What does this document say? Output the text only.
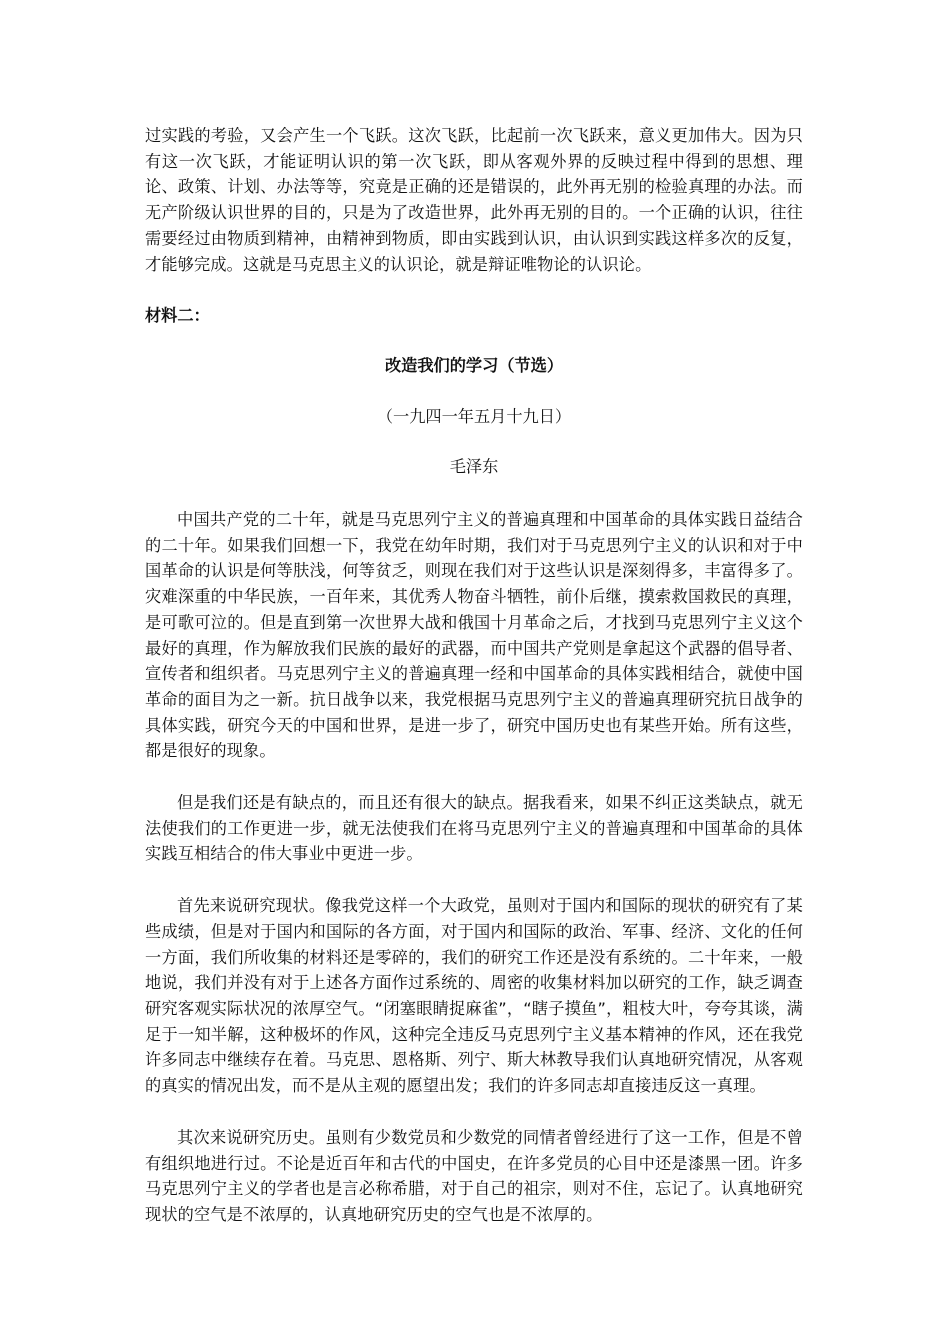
过实践的考验，又会产生一个飞跃。这次飞跃，比起前一次飞跃来，意义更加伟大。因为只有这一次飞跃，才能证明认识的第一次飞跃，即从客观外界的反映过程中得到的思想、理论、政策、计划、办法等等，究竟是正确的还是错误的，此外再无别的检验真理的办法。而无产阶级认识世界的目的，只是为了改造世界，此外再无别的目的。一个正确的认识，往往需要经过由物质到精神，由精神到物质，即由实践到认识，由认识到实践这样多次的反复，才能够完成。这就是马克思主义的认识论，就是辩证唯物论的认识论。

材料二：

改造我们的学习（节选）

（一九四一年五月十九日）

毛泽东

中国共产党的二十年，就是马克思列宁主义的普遍真理和中国革命的具体实践日益结合的二十年。如果我们回想一下，我党在幼年时期，我们对于马克思列宁主义的认识和对于中国革命的认识是何等肤浅，何等贫乏，则现在我们对于这些认识是深刻得多，丰富得多了。灾难深重的中华民族，一百年来，其优秀人物奋斗牺牲，前仆后继，摸索救国救民的真理，是可歌可泣的。但是直到第一次世界大战和俄国十月革命之后，才找到马克思列宁主义这个最好的真理，作为解放我们民族的最好的武器，而中国共产党则是拿起这个武器的倡导者、宣传者和组织者。马克思列宁主义的普遍真理一经和中国革命的具体实践相结合，就使中国革命的面目为之一新。抗日战争以来，我党根据马克思列宁主义的普遍真理研究抗日战争的具体实践，研究今天的中国和世界，是进一步了，研究中国历史也有某些开始。所有这些，都是很好的现象。

但是我们还是有缺点的，而且还有很大的缺点。据我看来，如果不纠正这类缺点，就无法使我们的工作更进一步，就无法使我们在将马克思列宁主义的普遍真理和中国革命的具体实践互相结合的伟大事业中更进一步。

首先来说研究现状。像我党这样一个大政党，虽则对于国内和国际的现状的研究有了某些成绩，但是对于国内和国际的各方面，对于国内和国际的政治、军事、经济、文化的任何一方面，我们所收集的材料还是零碎的，我们的研究工作还是没有系统的。二十年来，一般地说，我们并没有对于上述各方面作过系统的、周密的收集材料加以研究的工作，缺乏调查研究客观实际状况的浓厚空气。“闭塞眼睛捉麻雀”，“瞎子摸鱼”，粗枝大叶，夸夸其谈，满足于一知半解，这种极坏的作风，这种完全违反马克思列宁主义基本精神的作风，还在我党许多同志中继续存在着。马克思、恩格斯、列宁、斯大林教导我们认真地研究情况，从客观的真实的情况出发，而不是从主观的愿望出发；我们的许多同志却直接违反这一真理。

其次来说研究历史。虽则有少数党员和少数党的同情者曾经进行了这一工作，但是不曾有组织地进行过。不论是近百年和古代的中国史，在许多党员的心目中还是漆黑一团。许多马克思列宁主义的学者也是言必称希腊，对于自己的祖宗，则对不住，忘记了。认真地研究现状的空气是不浓厚的，认真地研究历史的空气也是不浓厚的。
